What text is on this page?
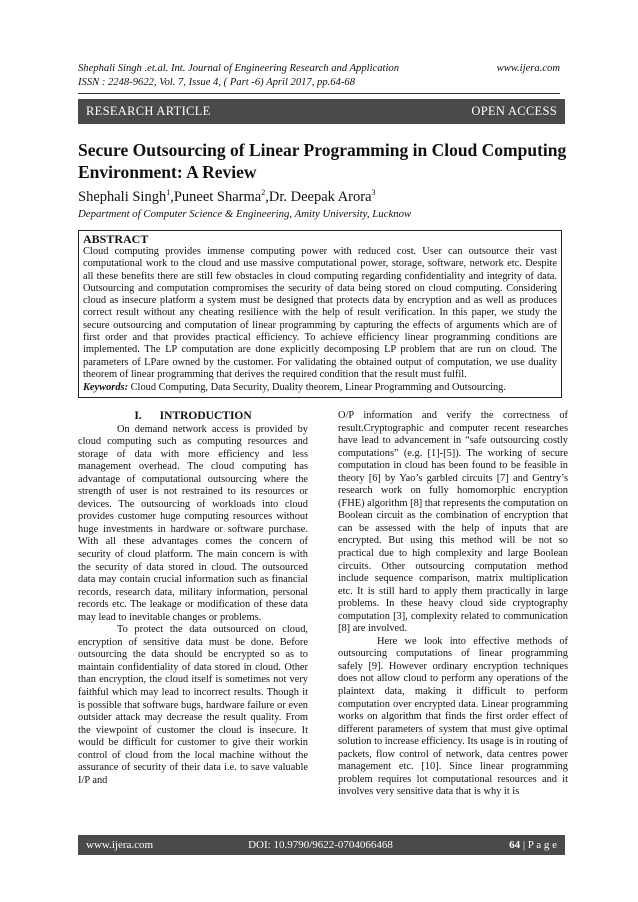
Shephali Singh .et.al. Int. Journal of Engineering Research and Application	www.ijera.com
ISSN : 2248-9622, Vol. 7, Issue 4, ( Part -6) April 2017, pp.64-68
RESEARCH ARTICLE	OPEN ACCESS
Secure Outsourcing of Linear Programming in Cloud Computing Environment: A Review
Shephali Singh$^1$,Puneet Sharma$^2$,Dr. Deepak Arora$^3$
Department of Computer Science & Engineering, Amity University, Lucknow
ABSTRACT

Cloud computing provides immense computing power with reduced cost. User can outsource their vast computational work to the cloud and use massive computational power, storage, software, network etc. Despite all these benefits there are still few obstacles in cloud computing regarding confidentiality and integrity of data. Outsourcing and computation compromises the security of data being stored on cloud computing. Considering cloud as insecure platform a system must be designed that protects data by encryption and as well as produces correct result without any cheating resilience with the help of result verification. In this paper, we study the secure outsourcing and computation of linear programming by capturing the effects of arguments which are of first order and that provides practical efficiency. To achieve efficiency linear programming conditions are implemented. The LP computation are done explicitly decomposing LP problem that are run on cloud. The parameters of LPare owned by the customer. For validating the obtained output of computation, we use duality theorem of linear programming that derives the required condition that the result must fulfil.

Keywords: Cloud Computing, Data Security, Duality theorem, Linear Programming and Outsourcing.
I. INTRODUCTION

On demand network access is provided by cloud computing such as computing resources and storage of data with more efficiency and less management overhead. The cloud computing has advantage of computational outsourcing where the strength of user is not restrained to its resources or devices. The outsourcing of workloads into cloud provides customer huge computing resources without huge investments in hardware or software purchase. With all these advantages comes the concern of security of cloud platform. The main concern is with the security of data stored in cloud. The outsourced data may contain crucial information such as financial records, research data, military information, personal records etc. The leakage or modification of these data may lead to inevitable changes or problems.

To protect the data outsourced on cloud, encryption of sensitive data must be done. Before outsourcing the data should be encrypted so as to maintain confidentiality of data stored in cloud. Other than encryption, the cloud itself is sometimes not very faithful which may lead to incorrect results. Though it is possible that software bugs, hardware failure or even outsider attack may decrease the result quality. From the viewpoint of customer the cloud is insecure. It would be difficult for customer to give their workin control of cloud from the local machine without the assurance of security of their data i.e. to save valuable I/P and

O/P information and verify the correctness of result.Cryptographic and computer recent researches have lead to advancement in “safe outsourcing costly computations” (e.g. [1]-[5]). The working of secure computation in cloud has been found to be feasible in theory [6] by Yao’s garbled circuits [7] and Gentry’s research work on fully homomorphic encryption (FHE) algorithm [8] that represents the computation on Boolean circuit as the combination of encryption that can be assessed with the help of inputs that are encrypted. But using this method will be not so practical due to high complexity and large Boolean circuits. Other outsourcing computation method include sequence comparison, matrix multiplication etc. It is still hard to apply them practically in large problems. In these heavy cloud side cryptography computation [3], complexity related to communication [8] are involved.

Here we look into effective methods of outsourcing computations of linear programming safely [9]. However ordinary encryption techniques does not allow cloud to perform any operations of the plaintext data, making it difficult to perform computation over encrypted data. Linear programming works on algorithm that finds the first order effect of different parameters of system that must give optimal solution to increase efficiency. Its usage is in routing of packets, flow control of network, data centres power management etc. [10]. Since linear programming problem requires lot computational resources and it involves very sensitive data that is why it is

www.ijera.com	DOI: 10.9790/9622-0704066468	64 | P a g e
